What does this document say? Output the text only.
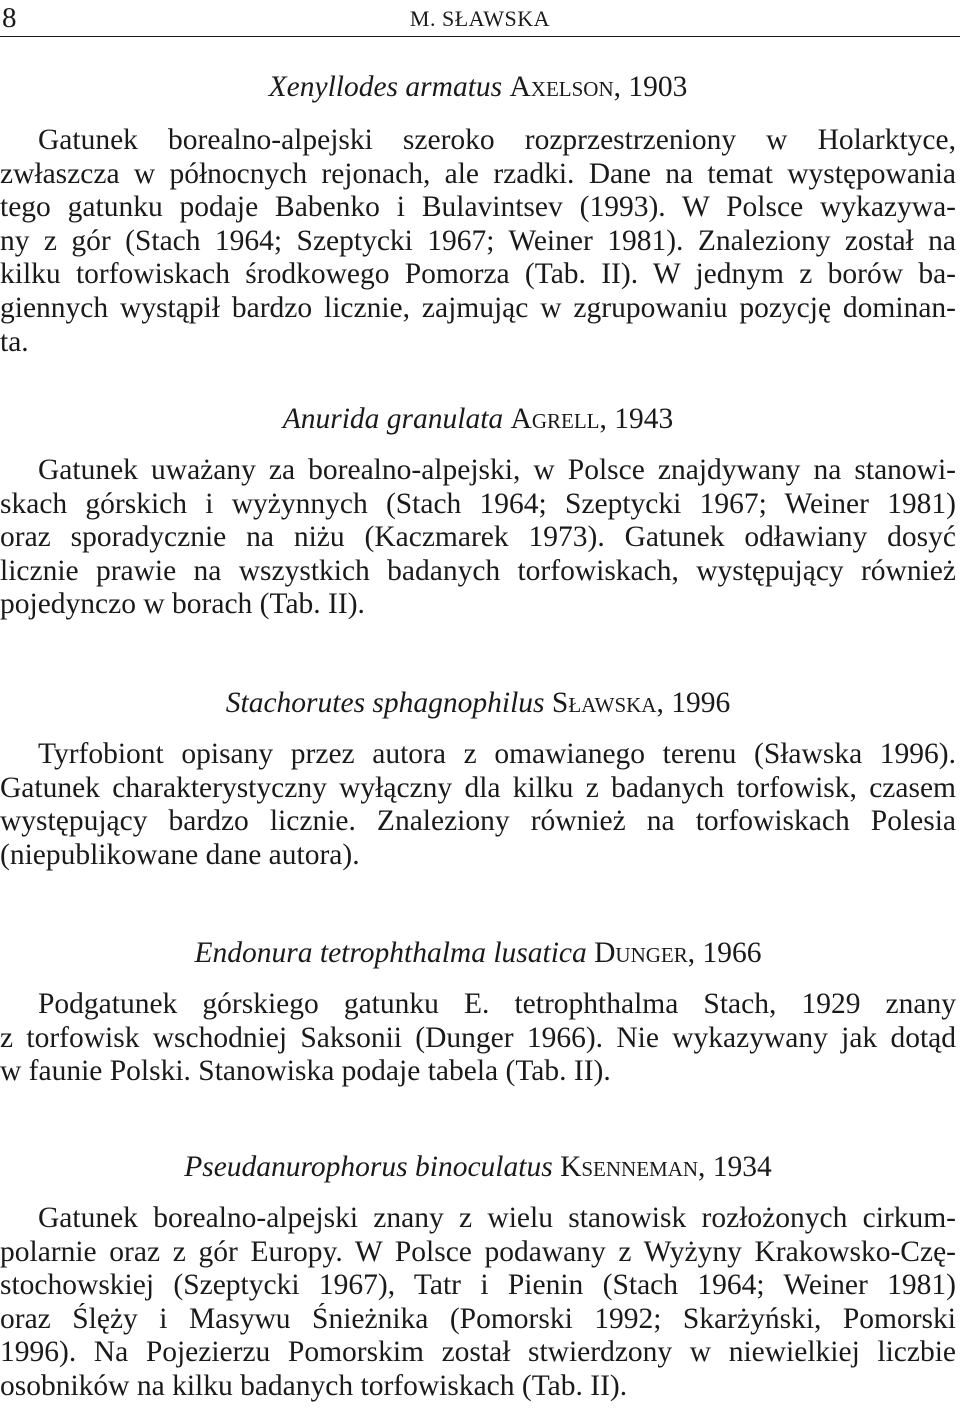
8	M. SŁAWSKA
Xenyllodes armatus Axelson, 1903
Gatunek borealno-alpejski szeroko rozprzestrzeniony w Holarktyce,
zwłaszcza w północnych rejonach, ale rzadki. Dane na temat występowania
tego gatunku podaje Babenko i Bulavintsev (1993). W Polsce wykazywa-
ny z gór (Stach 1964; Szeptycki 1967; Weiner 1981). Znaleziony został na
kilku torfowiskach środkowego Pomorza (Tab. II). W jednym z borów ba-
giennych wystąpił bardzo licznie, zajmując w zgrupowaniu pozycję dominan-
ta.
Anurida granulata Agrell, 1943
Gatunek uważany za borealno-alpejski, w Polsce znajdywany na stanowi-
skach górskich i wyżynnych (Stach 1964; Szeptycki 1967; Weiner 1981)
oraz sporadycznie na niżu (Kaczmarek 1973). Gatunek odławiany dosyć
licznie prawie na wszystkich badanych torfowiskach, występujący również
pojedynczo w borach (Tab. II).
Stachorutes sphagnophilus Sławska, 1996
Tyrfobiont opisany przez autora z omawianego terenu (Sławska 1996).
Gatunek charakterystyczny wyłączny dla kilku z badanych torfowisk, czasem
występujący bardzo licznie. Znaleziony również na torfowiskach Polesia
(niepublikowane dane autora).
Endonura tetrophthalma lusatica Dunger, 1966
Podgatunek górskiego gatunku E. tetrophthalma Stach, 1929 znany
z torfowisk wschodniej Saksonii (Dunger 1966). Nie wykazywany jak dotąd
w faunie Polski. Stanowiska podaje tabela (Tab. II).
Pseudanurophorus binoculatus Ksenneman, 1934
Gatunek borealno-alpejski znany z wielu stanowisk rozłożonych cirkum-
polarnie oraz z gór Europy. W Polsce podawany z Wyżyny Krakowsko-Czę-
stochowskiej (Szeptycki 1967), Tatr i Pienin (Stach 1964; Weiner 1981)
oraz Ślęży i Masywu Śnieżnika (Pomorski 1992; Skarżyński, Pomorski
1996). Na Pojezierzu Pomorskim został stwierdzony w niewielkiej liczbie
osobników na kilku badanych torfowiskach (Tab. II).
